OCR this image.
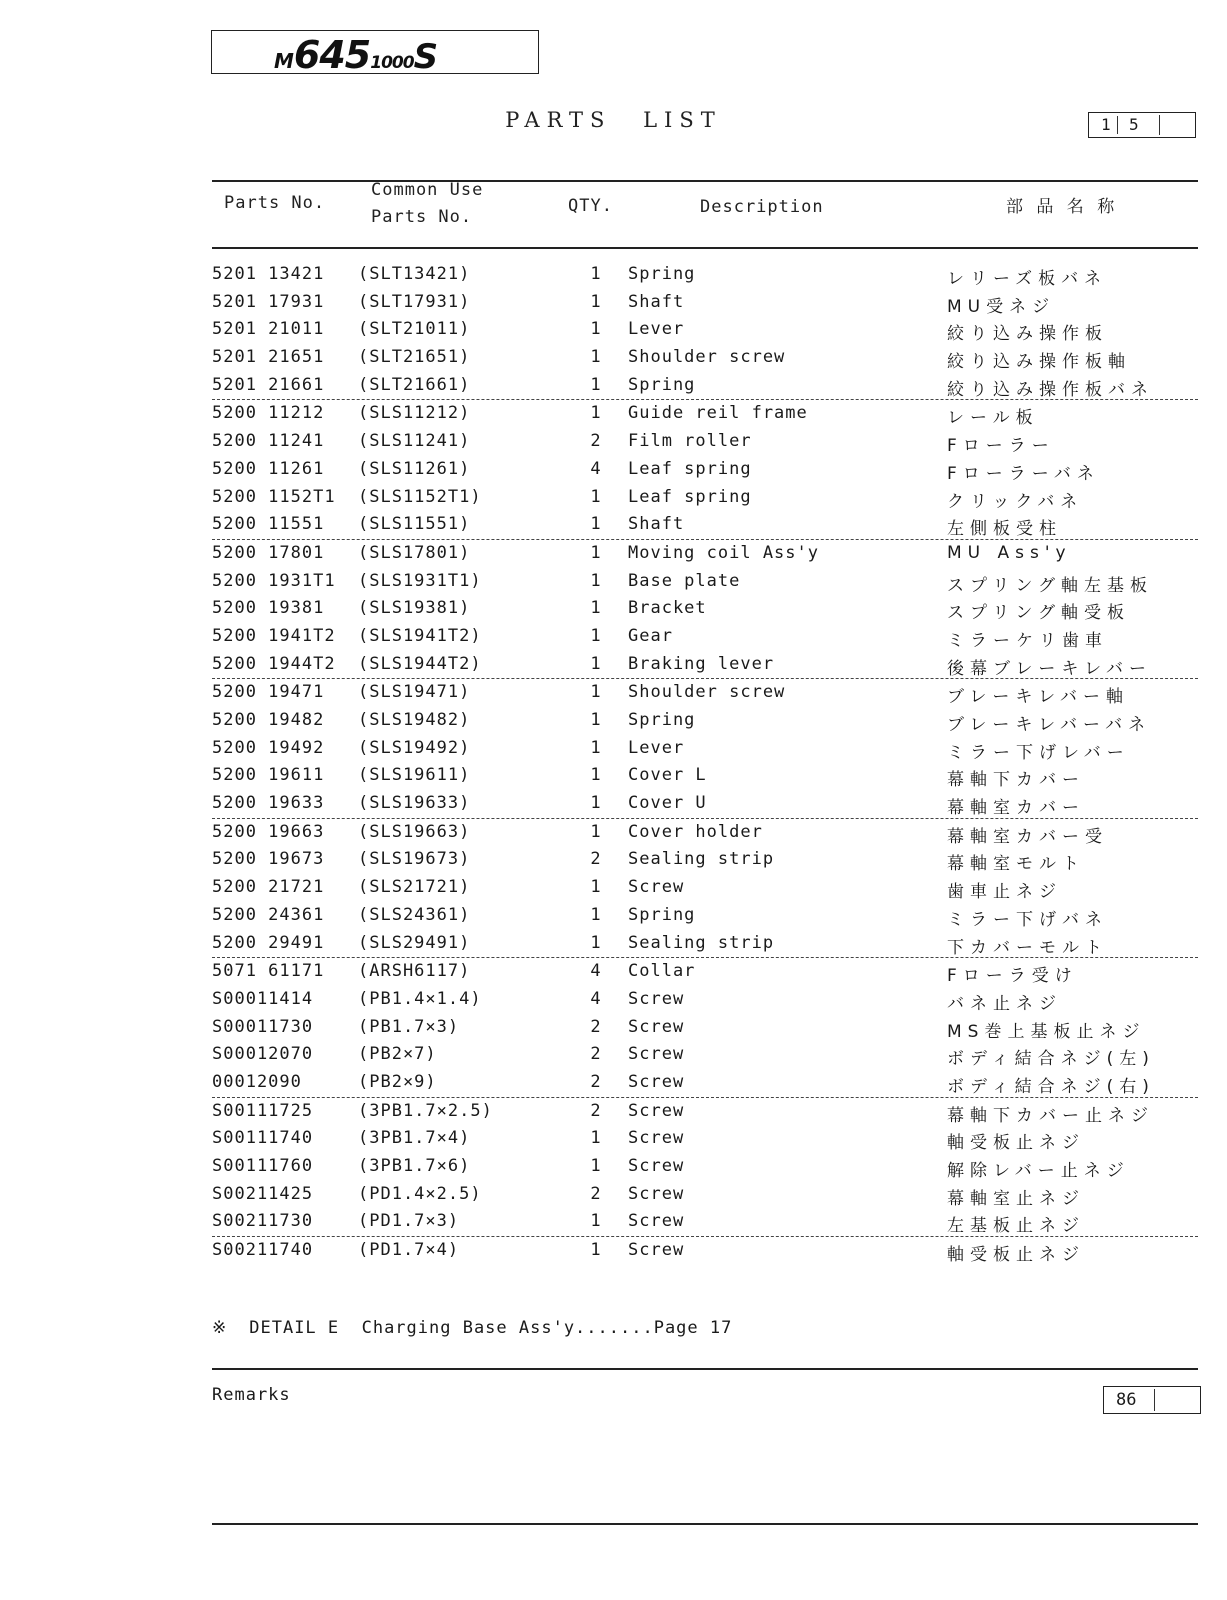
M6451000S
PARTS LIST	1 5
Parts No.
Common Use
Parts No.
QTY.	Description	部 品 名 称
5201 13421 (SLT13421)	1 Spring	レリーズ板バネ
5201 17931 (SLT17931)	1 Shaft	MU受ネジ
5201 21011 (SLT21011)	1 Lever	絞り込み操作板
5201 21651 (SLT21651)	1 Shoulder screw	絞り込み操作板軸
5201 21661 (SLT21661)	1 Spring	絞り込み操作板バネ
5200 11212 (SLS11212)	1 Guide reil frame	レール板
5200 11241 (SLS11241)	2 Film roller	Fローラー
5200 11261 (SLS11261)	4 Leaf spring	Fローラーバネ
5200 1152T1 (SLS1152T1)	1 Leaf spring	クリックバネ
5200 11551 (SLS11551)	1 Shaft	左側板受柱
5200 17801 (SLS17801)	1 Moving coil Ass'y	MU Ass'y
5200 1931T1 (SLS1931T1)	1 Base plate	スプリング軸左基板
5200 19381 (SLS19381)	1 Bracket	スプリング軸受板
5200 1941T2 (SLS1941T2)	1 Gear	ミラーケリ歯車
5200 1944T2 (SLS1944T2)	1 Braking lever	後幕ブレーキレバー
5200 19471 (SLS19471)	1 Shoulder screw	ブレーキレバー軸
5200 19482 (SLS19482)	1 Spring	ブレーキレバーバネ
5200 19492 (SLS19492)	1 Lever	ミラー下げレバー
5200 19611 (SLS19611)	1 Cover L	幕軸下カバー
5200 19633 (SLS19633)	1 Cover U	幕軸室カバー
5200 19663 (SLS19663)	1 Cover holder	幕軸室カバー受
5200 19673 (SLS19673)	2 Sealing strip	幕軸室モルト
5200 21721 (SLS21721)	1 Screw	歯車止ネジ
5200 24361 (SLS24361)	1 Spring	ミラー下げバネ
5200 29491 (SLS29491)	1 Sealing strip	下カバーモルト
5071 61171 (ARSH6117)	4 Collar	Fローラ受け
S00011414	(PB1.4×1.4)	4 Screw	バネ止ネジ
S00011730	(PB1.7×3)	2 Screw	MS巻上基板止ネジ
S00012070	(PB2×7)	2 Screw	ボディ結合ネジ(左)
00012090	(PB2×9)	2 Screw	ボディ結合ネジ(右)
S00111725	(3PB1.7×2.5)	2 Screw	幕軸下カバー止ネジ
S00111740	(3PB1.7×4)	1 Screw	軸受板止ネジ
S00111760	(3PB1.7×6)	1 Screw	解除レバー止ネジ
S00211425	(PD1.4×2.5)	2 Screw	幕軸室止ネジ
S00211730	(PD1.7×3)	1 Screw	左基板止ネジ
S00211740	(PD1.7×4)	1 Screw	軸受板止ネジ
※ DETAIL E  Charging Base Ass'y.......Page 17
Remarks	86
